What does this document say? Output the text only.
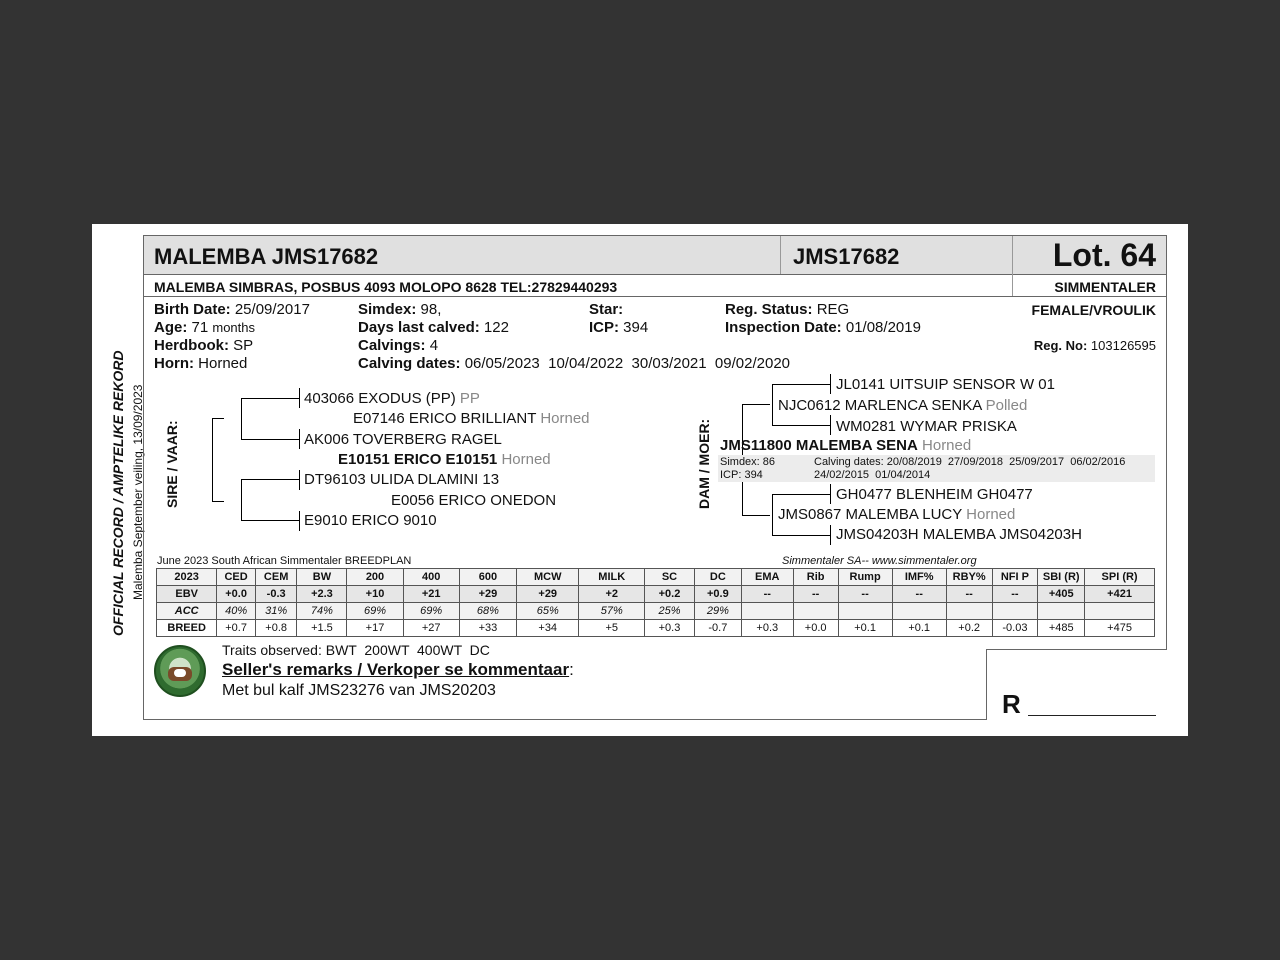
OFFICIAL RECORD / AMPTELIKE REKORD Malemba September veiling, 13/09/2023
MALEMBA JMS17682	JMS17682	Lot. 64
MALEMBA SIMBRAS, POSBUS 4093 MOLOPO 8628 TEL:27829440293	SIMMENTALER
Birth Date: 25/09/2017
Age: 71 months
Herdbook: SP
Horn: Horned
Simdex: 98,
Days last calved: 122
Calvings: 4
Calving dates: 06/05/2023  10/04/2022  30/03/2021  09/02/2020
Star:
ICP: 394
Reg. Status: REG
Inspection Date: 01/08/2019
FEMALE/VROULIK
Reg. No: 103126595
SIRE / VAAR:
403066 EXODUS (PP) PP
E07146 ERICO BRILLIANT Horned
AK006 TOVERBERG RAGEL
E10151 ERICO E10151 Horned
DT96103 ULIDA DLAMINI 13
E0056 ERICO ONEDON
E9010 ERICO 9010
DAM / MOER:
JL0141 UITSUIP SENSOR W 01
NJC0612 MARLENCA SENKA Polled
WM0281 WYMAR PRISKA
JMS11800 MALEMBA SENA Horned
Simdex: 86
ICP: 394
Calving dates: 20/08/2019  27/09/2018  25/09/2017  06/02/2016
24/02/2015  01/04/2014
GH0477 BLENHEIM GH0477
JMS0867 MALEMBA LUCY Horned
JMS04203H MALEMBA JMS04203H
June 2023 South African Simmentaler BREEDPLAN	Simmentaler SA-- www.simmentaler.org
2023	CED	CEM	BW	200	400	600	MCW	MILK	SC	DC	EMA	Rib	Rump	IMF%	RBY%	NFI P	SBI (R)	SPI (R)
EBV	+0.0	-0.3	+2.3	+10	+21	+29	+29	+2	+0.2	+0.9	--	--	--	--	--	--	+405	+421
ACC	40%	31%	74%	69%	69%	68%	65%	57%	25%	29%								
BREED	+0.7	+0.8	+1.5	+17	+27	+33	+34	+5	+0.3	-0.7	+0.3	+0.0	+0.1	+0.1	+0.2	-0.03	+485	+475
Traits observed: BWT  200WT  400WT  DC
Seller's remarks / Verkoper se kommentaar:
Met bul kalf JMS23276 van JMS20203	R
